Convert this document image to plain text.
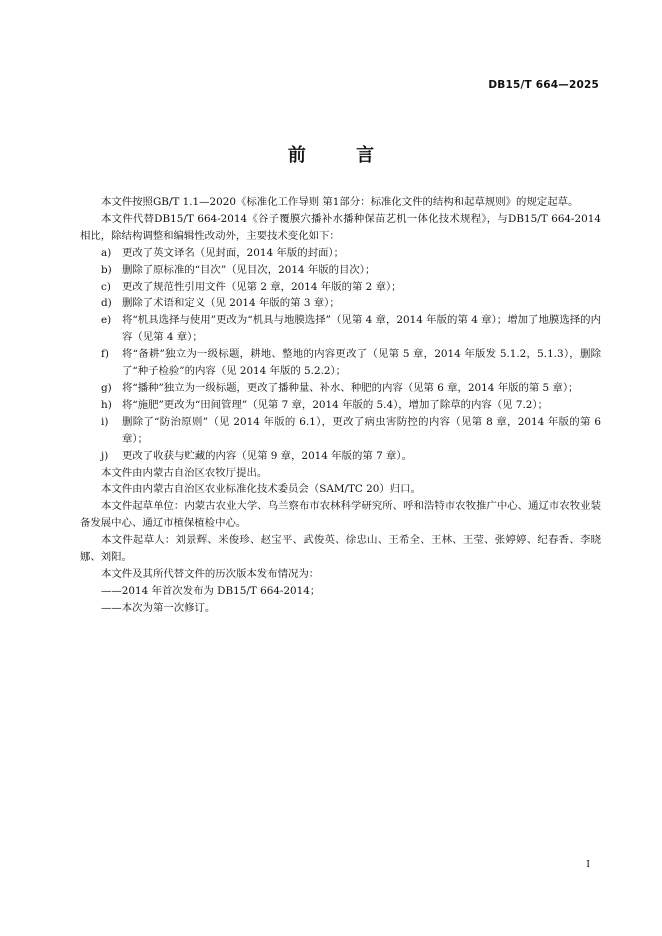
DB15/T 664—2025
前 言

本文件按照GB/T 1.1—2020《标准化工作导则 第1部分：标准化文件的结构和起草规则》的规定起草。

本文件代替DB15/T 664-2014《谷子覆膜穴播补水播种保苗艺机一体化技术规程》，与DB15/T 664-2014相比，除结构调整和编辑性改动外，主要技术变化如下：

a)	更改了英文译名（见封面，2014 年版的封面）；
b) 删除了原标准的“目次”（见目次，2014 年版的目次）；
c)	更改了规范性引用文件（见第 2 章，2014 年版的第 2 章）；
d) 删除了术语和定义（见 2014 年版的第 3 章）；
e)	将“机具选择与使用”更改为“机具与地膜选择”（见第 4 章，2014 年版的第 4 章）；增加了地膜选择的内容（见第 4 章）；
f)	将“备耕”独立为一级标题，耕地、整地的内容更改了（见第 5 章，2014 年版发 5.1.2，5.1.3），删除了“种子检验”的内容（见 2014 年版的 5.2.2）；
g) 将“播种”独立为一级标题，更改了播种量、补水、种肥的内容（见第 6 章，2014 年版的第 5 章）；
h) 将“施肥”更改为“田间管理”（见第 7 章，2014 年版的 5.4），增加了除草的内容（见 7.2）；
i)	删除了“防治原则”（见 2014 年版的 6.1），更改了病虫害防控的内容（见第 8 章，2014 年版的第 6 章）；
j)	更改了收获与贮藏的内容（见第 9 章，2014 年版的第 7 章）。

本文件由内蒙古自治区农牧厅提出。

本文件由内蒙古自治区农业标准化技术委员会（SAM/TC 20）归口。

本文件起草单位：内蒙古农业大学、乌兰察布市农林科学研究所、呼和浩特市农牧推广中心、通辽市农牧业装备发展中心、通辽市植保植检中心。

本文件起草人：刘景辉、米俊珍、赵宝平、武俊英、徐忠山、王希全、王林、王莹、张婷婷、纪春香、李晓娜、刘阳。

本文件及其所代替文件的历次版本发布情况为：

——2014 年首次发布为 DB15/T 664-2014；

——本次为第一次修订。

I
